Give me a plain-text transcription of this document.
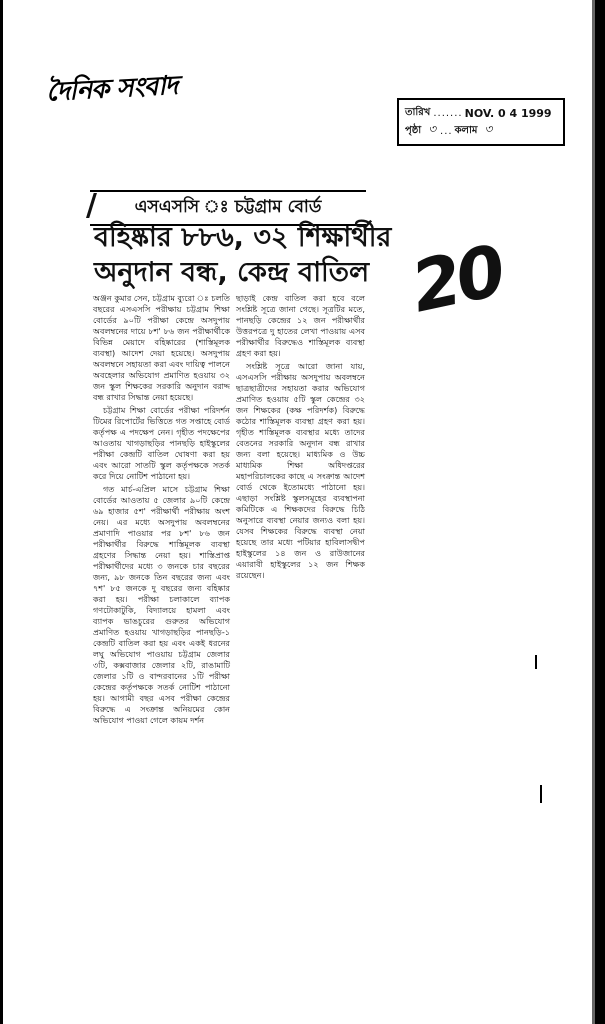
দৈনিক সংবাদ
তারিখ ....... NOV. 0 4 1999
পৃষ্ঠা ৩ ... কলাম ৩
20
/ এসএসসি ঃ চট্টগ্রাম বোর্ড
বহিষ্কার ৮৮৬, ৩২ শিক্ষার্থীর
অনুদান বন্ধ, কেন্দ্র বাতিল

অঞ্জন কুমার সেন, চট্টগ্রাম ব্যুরো ঃ চলতি বছরের এসএসসি পরীক্ষায় চট্টগ্রাম শিক্ষা বোর্ডের ৯০টি পরীক্ষা কেন্দ্রে অসদুপায় অবলম্বনের দায়ে ৮শ' ৮৬ জন পরীক্ষার্থীকে বিভিন্ন মেয়াদে বহিষ্কারের (শাস্তিমূলক ব্যবস্থা) আদেশ দেয়া হয়েছে। অসদুপায় অবলম্বনে সহায়তা করা এবং দায়িত্ব পালনে অবহেলার অভিযোগ প্রমাণিত হওয়ায় ৩২ জন স্কুল শিক্ষকের সরকারি অনুদান বরাদ্দ বন্ধ রাখার সিদ্ধান্ত নেয়া হয়েছে।

চট্টগ্রাম শিক্ষা বোর্ডের পরীক্ষা পরিদর্শন টিমের রিপোর্টের ভিত্তিতে গত সপ্তাহে বোর্ড কর্তৃপক্ষ এ পদক্ষেপ নেন। গৃহীত পদক্ষেপের আওতায় খাগড়াছড়ির পানছড়ি হাইস্কুলের পরীক্ষা কেন্দ্রটি বাতিল ঘোষণা করা হয় এবং আরো সাতটি স্কুল কর্তৃপক্ষকে সতর্ক করে দিয়ে নোটিশ পাঠানো হয়।

গত মার্চ-এপ্রিল মাসে চট্টগ্রাম শিক্ষা বোর্ডের আওতায় ৫ জেলার ৯০টি কেন্দ্রে ৬৯ হাজার ৫শ' পরীক্ষার্থী পরীক্ষায় অংশ নেয়। এর মধ্যে অসদুপায় অবলম্বনের প্রমাণাদি পাওয়ার পর ৮শ' ৮৬ জন পরীক্ষার্থীর বিরুদ্ধে শাস্তিমূলক ব্যবস্থা গ্রহণের সিদ্ধান্ত নেয়া হয়। শাস্তিপ্রাপ্ত পরীক্ষার্থীদের মধ্যে ৩ জনকে চার বছরের জন্য, ৯৮ জনকে তিন বছরের জন্য এবং ৭শ' ৮৫ জনকে দু বছরের জন্য বহিষ্কার করা হয়। পরীক্ষা চলাকালে ব্যাপক গণটোকাটুকি, বিদ্যালয়ে হামলা এবং ব্যাপক ভাঙচুরের গুরুতর অভিযোগ প্রমাণিত হওয়ায় খাগড়াছড়ির পানছড়ি-১ কেন্দ্রটি বাতিল করা হয় এবং একই ধরনের লঘু অভিযোগ পাওয়ায় চট্টগ্রাম জেলার ৩টি, কক্সবাজার জেলার ২টি, রাঙামাটি জেলার ১টি ও বান্দরবানের ১টি পরীক্ষা কেন্দ্রের কর্তৃপক্ষকে সতর্ক নোটিশ পাঠানো হয়। আগামী বছর এসব পরীক্ষা কেন্দ্রের বিরুদ্ধে এ সংক্রান্ত অনিয়মের কোন অভিযোগ পাওয়া গেলে কায়ম দর্শন

ছাড়াই কেন্দ্র বাতিল করা হবে বলে সংশ্লিষ্ট সূত্রে জানা গেছে। সূত্রটির মতে, পানছড়ি কেন্দ্রের ১২ জন পরীক্ষার্থীর উত্তরপত্রে দু হাতের লেখা পাওয়ায় এসব পরীক্ষার্থীর বিরুদ্ধেও শাস্তিমূলক ব্যবস্থা গ্রহণ করা হয়।

সংশ্লিষ্ট সূত্রে আরো জানা যায়, এসএসসি পরীক্ষায় অসদুপায় অবলম্বনে ছাত্রছাত্রীদের সহায়তা করার অভিযোগ প্রমাণিত হওয়ায় ৫টি স্কুল কেন্দ্রের ৩২ জন শিক্ষকের (কক্ষ পরিদর্শক) বিরুদ্ধে কঠোর শাস্তিমূলক ব্যবস্থা গ্রহণ করা হয়। গৃহীত শাস্তিমূলক ব্যবস্থার মধ্যে তাদের বেতনের সরকারি অনুদান বন্ধ রাখার জন্য বলা হয়েছে। মাধ্যমিক ও উচ্চ মাধ্যমিক শিক্ষা অধিদপ্তরের মহাপরিচালকের কাছে এ সংক্রান্ত আদেশ বোর্ড থেকে ইতোমধ্যে পাঠানো হয়। এছাড়া সংশ্লিষ্ট স্কুলসমূহের ব্যবস্থাপনা কমিটিকে এ শিক্ষকদের বিরুদ্ধে চিঠি অনুসারে ব্যবস্থা নেয়ার জন্যও বলা হয়। যেসব শিক্ষকের বিরুদ্ধে ব্যবস্থা নেয়া হয়েছে তার মধ্যে পটিয়ার হাবিলাসদ্বীপ হাইস্কুলের ১৪ জন ও রাউজানের এয়ারাবী হাইস্কুলের ১২ জন শিক্ষক রয়েছেন।
